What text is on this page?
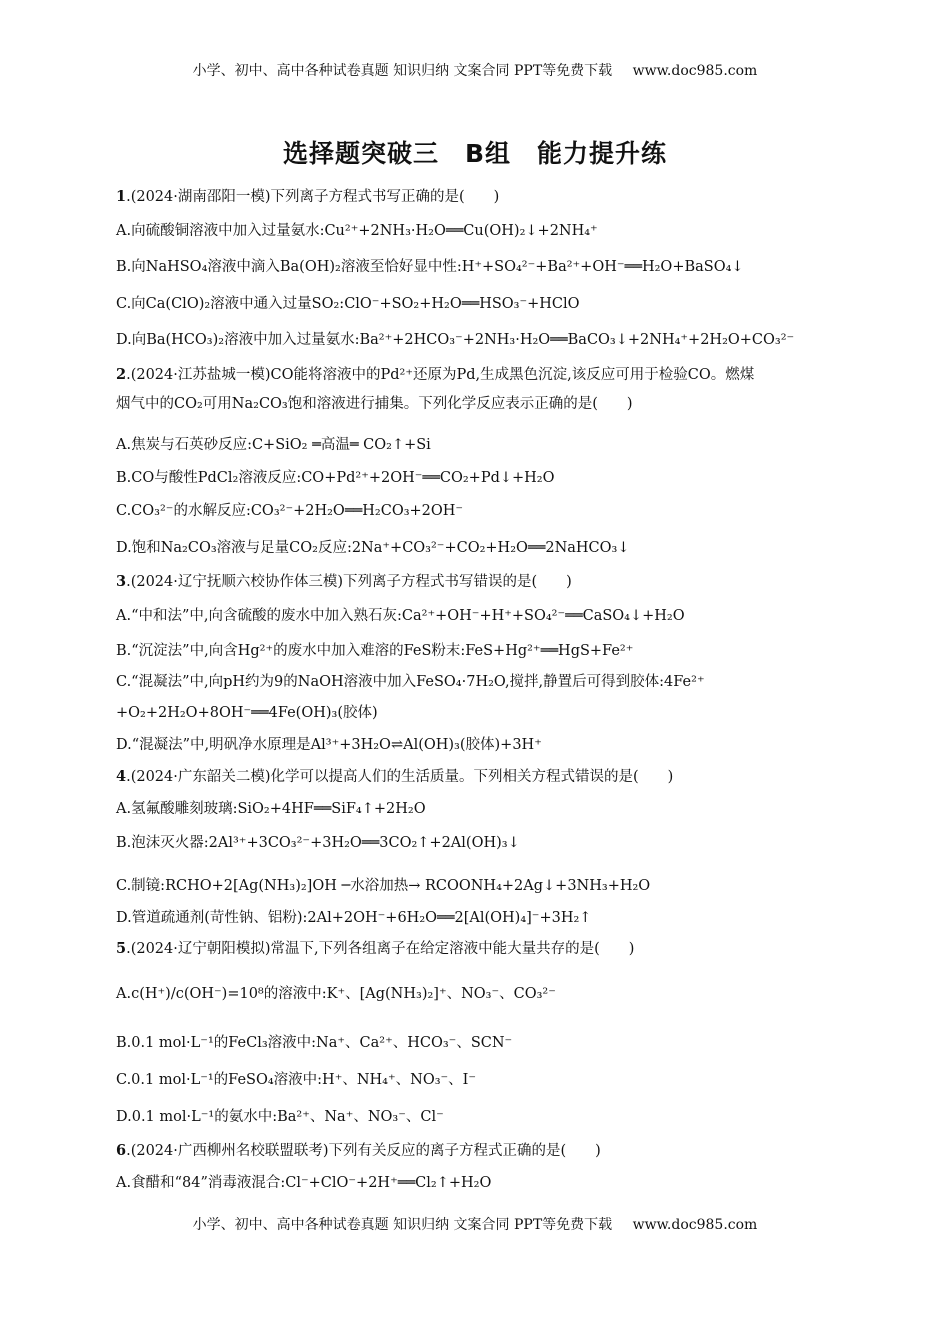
小学、初中、高中各种试卷真题 知识归纳 文案合同 PPT等免费下载 www.doc985.com
选择题突破三　B组　能力提升练
1.(2024·湖南邵阳一模)下列离子方程式书写正确的是(　　)
A.向硫酸铜溶液中加入过量氨水:Cu²⁺+2NH₃·H₂O══Cu(OH)₂↓+2NH₄⁺
B.向NaHSO₄溶液中滴入Ba(OH)₂溶液至恰好显中性:H⁺+SO₄²⁻+Ba²⁺+OH⁻══H₂O+BaSO₄↓
C.向Ca(ClO)₂溶液中通入过量SO₂:ClO⁻+SO₂+H₂O══HSO₃⁻+HClO
D.向Ba(HCO₃)₂溶液中加入过量氨水:Ba²⁺+2HCO₃⁻+2NH₃·H₂O══BaCO₃↓+2NH₄⁺+2H₂O+CO₃²⁻
2.(2024·江苏盐城一模)CO能将溶液中的Pd²⁺还原为Pd,生成黑色沉淀,该反应可用于检验CO。燃煤
烟气中的CO₂可用Na₂CO₃饱和溶液进行捕集。下列化学反应表示正确的是(　　)
A.焦炭与石英砂反应:C+SiO₂ ═高温═ CO₂↑+Si
B.CO与酸性PdCl₂溶液反应:CO+Pd²⁺+2OH⁻══CO₂+Pd↓+H₂O
C.CO₃²⁻的水解反应:CO₃²⁻+2H₂O══H₂CO₃+2OH⁻
D.饱和Na₂CO₃溶液与足量CO₂反应:2Na⁺+CO₃²⁻+CO₂+H₂O══2NaHCO₃↓
3.(2024·辽宁抚顺六校协作体三模)下列离子方程式书写错误的是(　　)
A.“中和法”中,向含硫酸的废水中加入熟石灰:Ca²⁺+OH⁻+H⁺+SO₄²⁻══CaSO₄↓+H₂O
B.“沉淀法”中,向含Hg²⁺的废水中加入难溶的FeS粉末:FeS+Hg²⁺══HgS+Fe²⁺
C.“混凝法”中,向pH约为9的NaOH溶液中加入FeSO₄·7H₂O,搅拌,静置后可得到胶体:4Fe²⁺
+O₂+2H₂O+8OH⁻══4Fe(OH)₃(胶体)
D.“混凝法”中,明矾净水原理是Al³⁺+3H₂O⇌Al(OH)₃(胶体)+3H⁺
4.(2024·广东韶关二模)化学可以提高人们的生活质量。下列相关方程式错误的是(　　)
A.氢氟酸雕刻玻璃:SiO₂+4HF══SiF₄↑+2H₂O
B.泡沫灭火器:2Al³⁺+3CO₃²⁻+3H₂O══3CO₂↑+2Al(OH)₃↓
C.制镜:RCHO+2[Ag(NH₃)₂]OH ─水浴加热→ RCOONH₄+2Ag↓+3NH₃+H₂O
D.管道疏通剂(苛性钠、铝粉):2Al+2OH⁻+6H₂O══2[Al(OH)₄]⁻+3H₂↑
5.(2024·辽宁朝阳模拟)常温下,下列各组离子在给定溶液中能大量共存的是(　　)
A.c(H⁺)/c(OH⁻)=10⁸的溶液中:K⁺、[Ag(NH₃)₂]⁺、NO₃⁻、CO₃²⁻
B.0.1 mol·L⁻¹的FeCl₃溶液中:Na⁺、Ca²⁺、HCO₃⁻、SCN⁻
C.0.1 mol·L⁻¹的FeSO₄溶液中:H⁺、NH₄⁺、NO₃⁻、I⁻
D.0.1 mol·L⁻¹的氨水中:Ba²⁺、Na⁺、NO₃⁻、Cl⁻
6.(2024·广西柳州名校联盟联考)下列有关反应的离子方程式正确的是(　　)
A.食醋和“84”消毒液混合:Cl⁻+ClO⁻+2H⁺══Cl₂↑+H₂O
小学、初中、高中各种试卷真题 知识归纳 文案合同 PPT等免费下载 www.doc985.com
